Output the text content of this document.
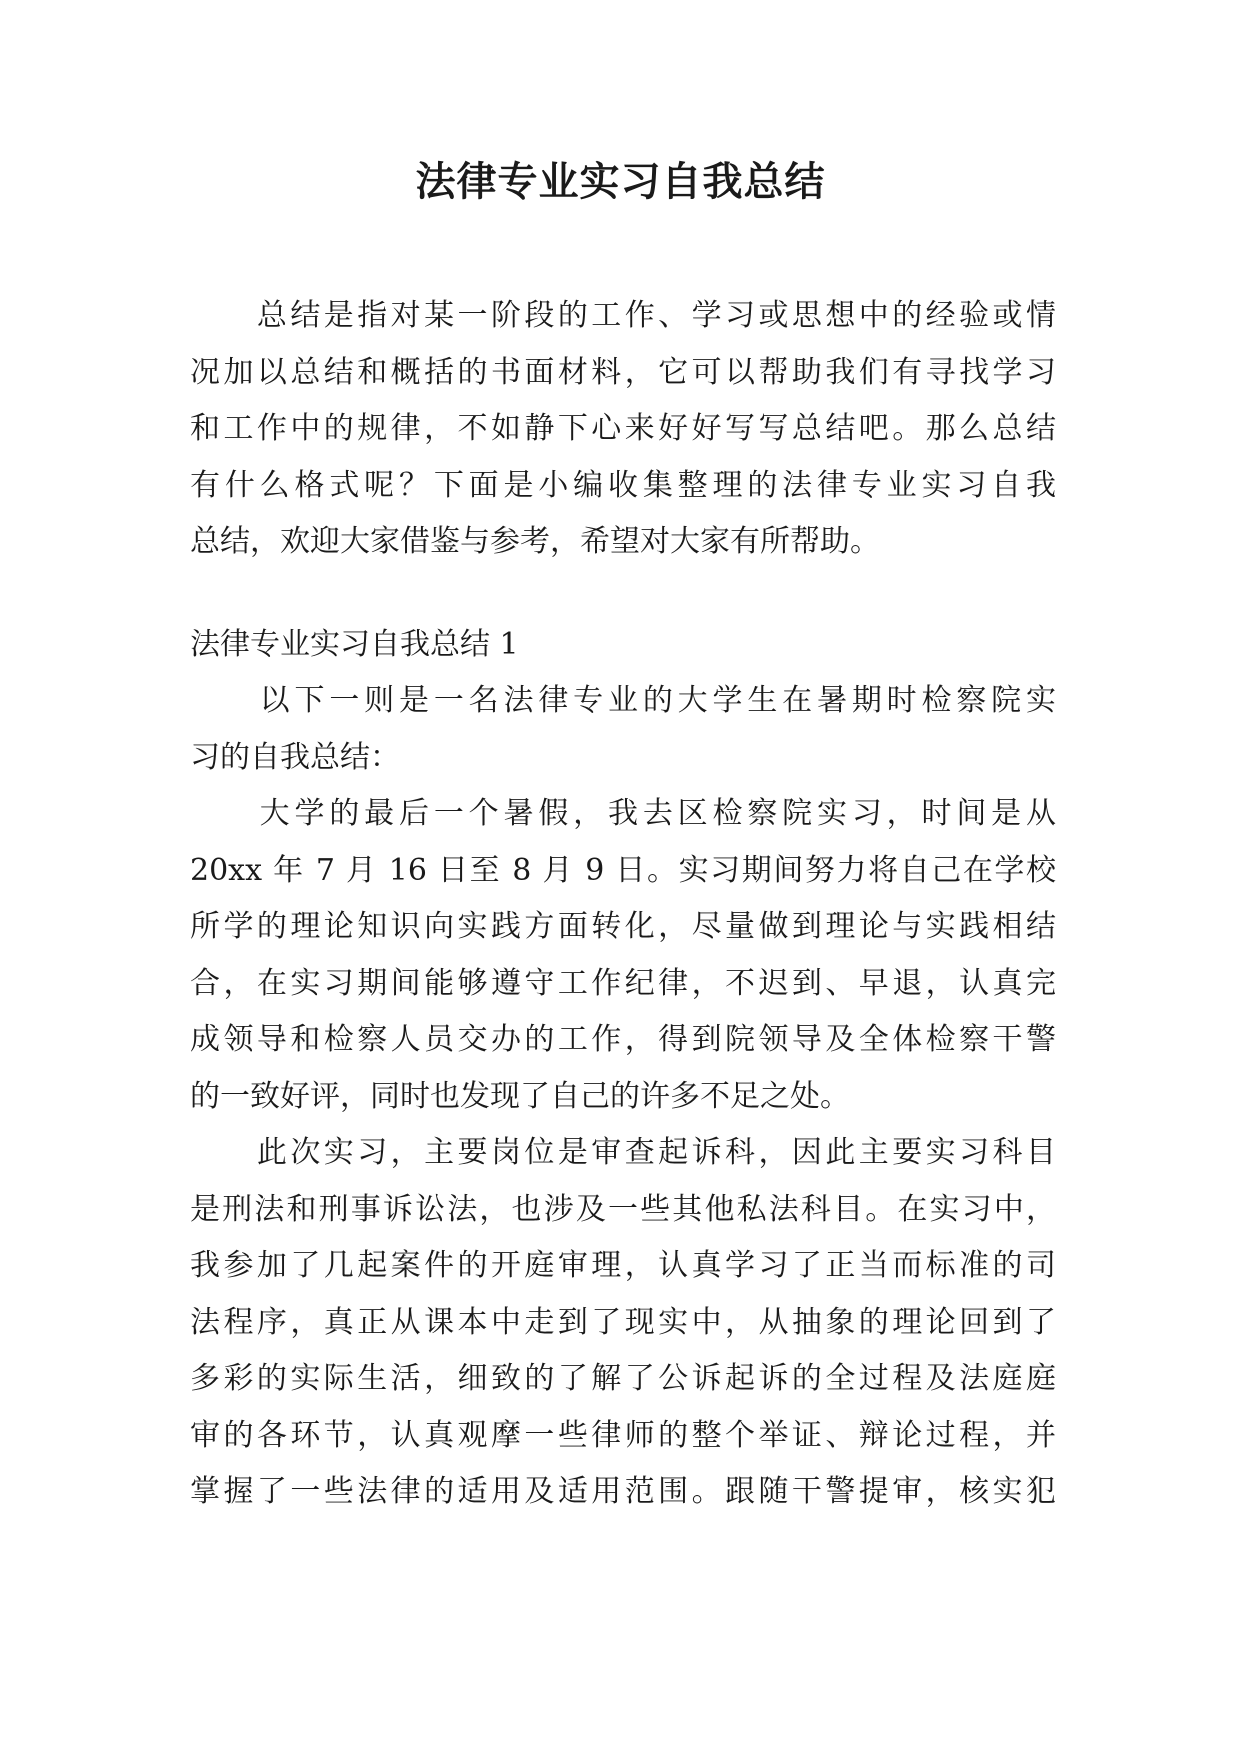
法律专业实习自我总结
　　总结是指对某一阶段的工作、学习或思想中的经验或情
况加以总结和概括的书面材料，它可以帮助我们有寻找学习
和工作中的规律，不如静下心来好好写写总结吧。那么总结
有什么格式呢？下面是小编收集整理的法律专业实习自我
总结，欢迎大家借鉴与参考，希望对大家有所帮助。
法律专业实习自我总结 1
　　以下一则是一名法律专业的大学生在暑期时检察院实
习的自我总结：
　　大学的最后一个暑假，我去区检察院实习，时间是从
20xx 年 7 月 16 日至 8 月 9 日。实习期间努力将自己在学校
所学的理论知识向实践方面转化，尽量做到理论与实践相结
合，在实习期间能够遵守工作纪律，不迟到、早退，认真完
成领导和检察人员交办的工作，得到院领导及全体检察干警
的一致好评，同时也发现了自己的许多不足之处。
　　此次实习，主要岗位是审查起诉科，因此主要实习科目
是刑法和刑事诉讼法，也涉及一些其他私法科目。在实习中，
我参加了几起案件的开庭审理，认真学习了正当而标准的司
法程序，真正从课本中走到了现实中，从抽象的理论回到了
多彩的实际生活，细致的了解了公诉起诉的全过程及法庭庭
审的各环节，认真观摩一些律师的整个举证、辩论过程，并
掌握了一些法律的适用及适用范围。跟随干警提审，核实犯
